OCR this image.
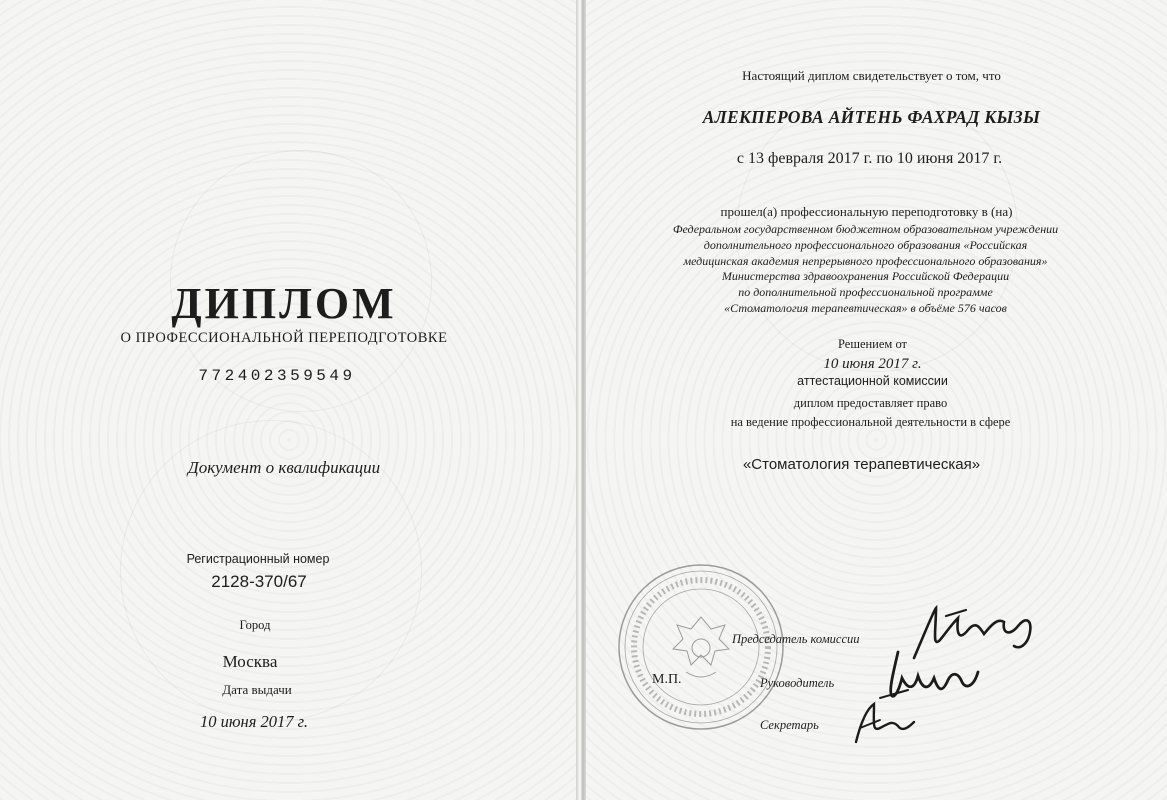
ДИПЛОМ
О ПРОФЕССИОНАЛЬНОЙ ПЕРЕПОДГОТОВКЕ
772402359549
Документ о квалификации
Регистрационный номер
2128-370/67
Город
Москва
Дата выдачи
10 июня 2017 г.
Настоящий диплом свидетельствует о том, что
АЛЕКПЕРОВА АЙТЕНЬ ФАХРАД КЫЗЫ
с 13 февраля 2017 г. по 10 июня 2017 г.
прошел(а) профессиональную переподготовку в (на)
Федеральном государственном бюджетном образовательном учреждении
дополнительного профессионального образования «Российская
медицинская академия непрерывного профессионального образования»
Министерства здравоохранения Российской Федерации
по дополнительной профессиональной программе
«Стоматология терапевтическая» в объёме 576 часов
Решением от
10 июня 2017 г.
аттестационной комиссии
диплом предоставляет право
на ведение профессиональной деятельности в сфере
«Стоматология терапевтическая»
М.П.
Председатель комиссии
Руководитель
Секретарь
